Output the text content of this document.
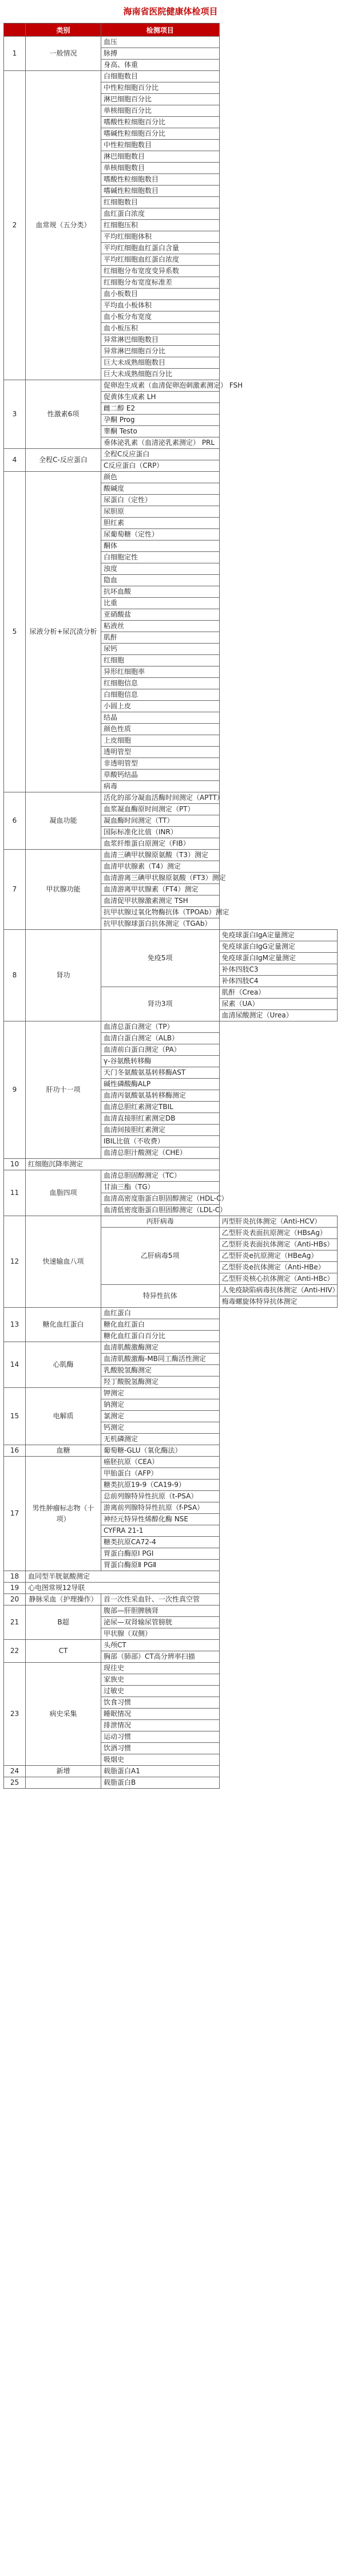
海南省医院健康体检项目
	类别	检测项目	
1	一般情况	血压	
		脉搏	
		身高、体重	
2	血常规（五分类）	白细胞数目	
		中性粒细胞百分比	
		淋巴细胞百分比	
		单核细胞百分比	
		嗜酸性粒细胞百分比	
		嗜碱性粒细胞百分比	
		中性粒细胞数目	
		淋巴细胞数目	
		单核细胞数目	
		嗜酸性粒细胞数目	
		嗜碱性粒细胞数目	
		红细胞数目	
		血红蛋白浓度	
		红细胞压积	
		平均红细胞体积	
		平均红细胞血红蛋白含量	
		平均红细胞血红蛋白浓度	
		红细胞分布宽度变异系数	
		红细胞分布宽度标准差	
		血小板数目	
		平均血小板体积	
		血小板分布宽度	
		血小板压积	
		异常淋巴细胞数目	
		异常淋巴细胞百分比	
		巨大未成熟细胞数目	
		巨大未成熟细胞百分比	
3	性激素6项	促卵泡生成素（血清促卵泡刺激素测定） FSH	
		促黄体生成素 LH	
		雌二醇 E2	
		孕酮 Prog	
		睾酮 Testo	
		垂体泌乳素（血清泌乳素测定） PRL	
4	全程C-反应蛋白	全程C反应蛋白	
		C反应蛋白（CRP）	
5	尿液分析+尿沉渣分析	颜色	
		酸碱度	
		尿蛋白（定性）	
		尿胆原	
		胆红素	
		尿葡萄糖（定性）	
		酮体	
		白细胞定性	
		浊度	
		隐血	
		抗坏血酸	
		比重	
		亚硝酸盐	
		粘液丝	
		肌酐	
		尿钙	
		红细胞	
		异形红细胞率	
		红细胞信息	
		白细胞信息	
		小圆上皮	
		结晶	
		颜色性质	
		上皮细胞	
		透明管型	
		非透明管型	
		草酸钙结晶	
		病毒	
6	凝血功能	活化的部分凝血活酶时间测定（APTT）	
		血浆凝血酶原时间测定（PT）	
		凝血酶时间测定（TT）	
		国际标准化比值（INR）	
		血浆纤维蛋白原测定（FIB）	
7	甲状腺功能	血清三碘甲状腺原氨酸（T3）测定	
		血清甲状腺素（T4）测定	
		血清游离三碘甲状腺原氨酸（FT3）测定	
		血清游离甲状腺素（FT4）测定	
		血清促甲状腺激素测定 TSH	
		抗甲状腺过氧化物酶抗体（TPOAb）测定	
		抗甲状腺球蛋白抗体测定（TGAb）	
8	肾功	免疫5项	免疫球蛋白IgA定量测定
			免疫球蛋白IgG定量测定
			免疫球蛋白IgM定量测定
			补体四肢C3
			补体四肢C4
		肾功3项	肌酐（Crea）
			尿素（UA）
			血清尿酸测定（Urea）
9	肝功十一项	血清总蛋白测定（TP）	
		血清白蛋白测定（ALB）	
		血清前白蛋白测定（PA）	
		γ-谷氨酰转移酶	
		天门冬氨酸氨基转移酶AST	
		碱性磷酸酶ALP	
		血清丙氨酸氨基转移酶测定	
		血清总胆红素测定TBIL	
		血清直接胆红素测定DB	
		血清间接胆红素测定	
		IBIL比值（不收费）	
		血清总胆汁酸测定（CHE）	
10	红细胞沉降率测定		
11	血脂四项	血清总胆固醇测定（TC）	
		甘油三酯（TG）	
		血清高密度脂蛋白胆固醇测定（HDL-C）	
		血清低密度脂蛋白胆固醇测定（LDL-C）	
12	快速输血八项	丙肝病毒	丙型肝炎抗体测定（Anti-HCV）
		乙肝病毒5项	乙型肝炎表面抗原测定（HBsAg）
			乙型肝炎表面抗体测定（Anti-HBs）
			乙型肝炎e抗原测定（HBeAg）
			乙型肝炎e抗体测定（Anti-HBe）
			乙型肝炎核心抗体测定（Anti-HBc）
		特异性抗体	人免疫缺陷病毒抗体测定（Anti-HIV）
			梅毒螺旋体特异抗体测定
13	糖化血红蛋白	血红蛋白	
		糖化血红蛋白	
		糖化血红蛋白百分比	
14	心肌酶	血清肌酸激酶测定	
		血清肌酸激酶-MB同工酶活性测定	
		乳酸脱氢酶测定	
		羟丁酸脱氢酶测定	
15	电解质	钾测定	
		钠测定	
		氯测定	
		钙测定	
		无机磷测定	
16	血糖	葡萄糖-GLU（氧化酶法）	
17	男性肿瘤标志物（十项）	癌胚抗原（CEA）	
		甲胎蛋白（AFP）	
		糖类抗原19-9（CA19-9）	
		总前列腺特异性抗原（t-PSA）	
		游离前列腺特异性抗原（f-PSA）	
		神经元特异性烯醇化酶 NSE	
		CYFRA 21-1	
		糖类抗原CA72-4	
		胃蛋白酶原Ⅰ PGⅠ	
		胃蛋白酶原Ⅱ PGⅡ	
18	血同型半胱氨酸测定		
19	心电图常规12导联		
20	静脉采血（护理操作）	首一次性采血针、一次性真空管	
21	B超	腹部—肝胆脾胰肾	
		泌尿—双肾输尿管膀胱	
		甲状腺（双侧）	
22	CT	头颅CT	
		胸部（肺部）CT高分辨率扫描	
23	病史采集	现往史	
		家族史	
		过敏史	
		饮食习惯	
		睡眠情况	
		排泄情况	
		运动习惯	
		饮酒习惯	
		吸烟史	
24	新增	载脂蛋白A1	
25		载脂蛋白B	
